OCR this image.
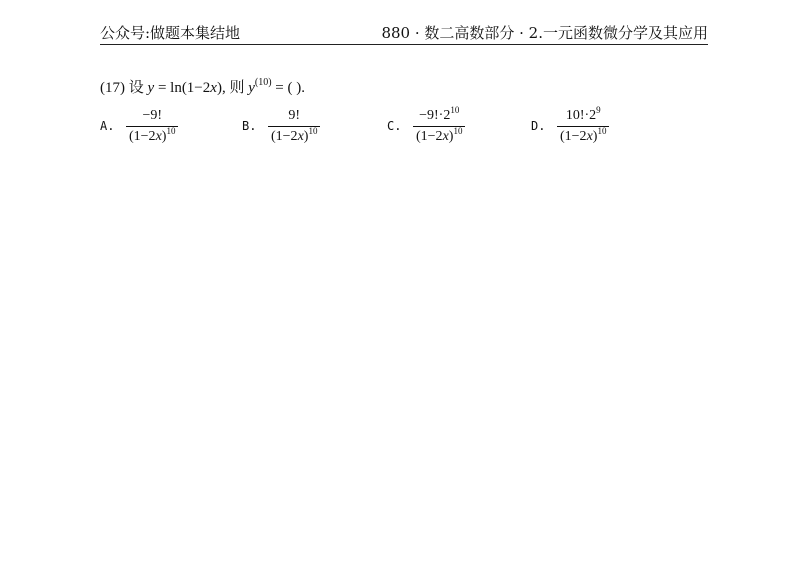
公众号:做题本集结地	880 · 数二高数部分 · 2.一元函数微分学及其应用
(17) 设 y = ln(1−2x), 则 $y^{(10)}$ = ( ).
A.
−9!
$(1-2x)^{10}$	B.
9!
$(1-2x)^{10}$	C.
$-9!\cdot 2^{10}$
$(1-2x)^{10}$	D.
$10!\cdot 2^9$
$(1-2x)^{10}$
